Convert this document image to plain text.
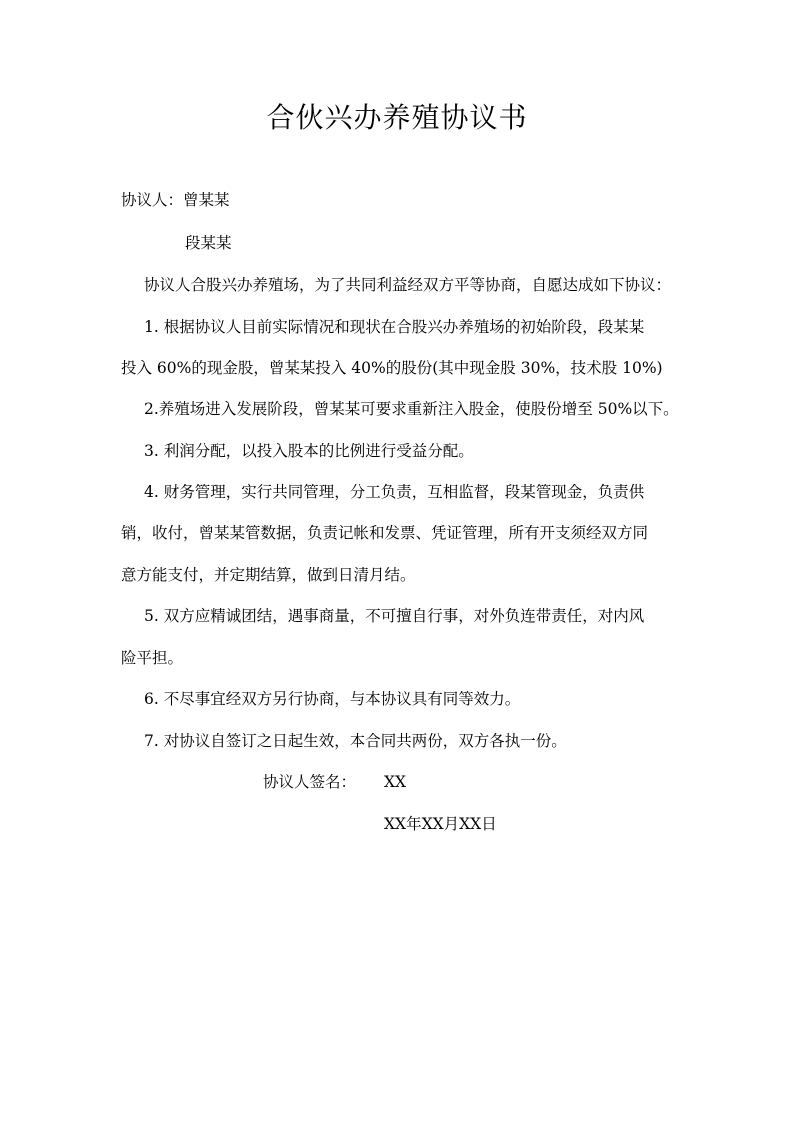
合伙兴办养殖协议书

协议人：曾某某

段某某

协议人合股兴办养殖场，为了共同利益经双方平等协商，自愿达成如下协议：

1. 根据协议人目前实际情况和现状在合股兴办养殖场的初始阶段，段某某

投入 60%的现金股，曾某某投入 40%的股份(其中现金股 30%，技术股 10%)

2.养殖场进入发展阶段，曾某某可要求重新注入股金，使股份增至 50%以下。

3. 利润分配，以投入股本的比例进行受益分配。

4. 财务管理，实行共同管理，分工负责，互相监督，段某管现金，负责供

销，收付，曾某某管数据，负责记帐和发票、凭证管理，所有开支须经双方同

意方能支付，并定期结算，做到日清月结。

5. 双方应精诚团结，遇事商量，不可擅自行事，对外负连带责任，对内风

险平担。

6. 不尽事宜经双方另行协商，与本协议具有同等效力。

7. 对协议自签订之日起生效，本合同共两份，双方各执一份。

协议人签名： XX

XX年XX月XX日
